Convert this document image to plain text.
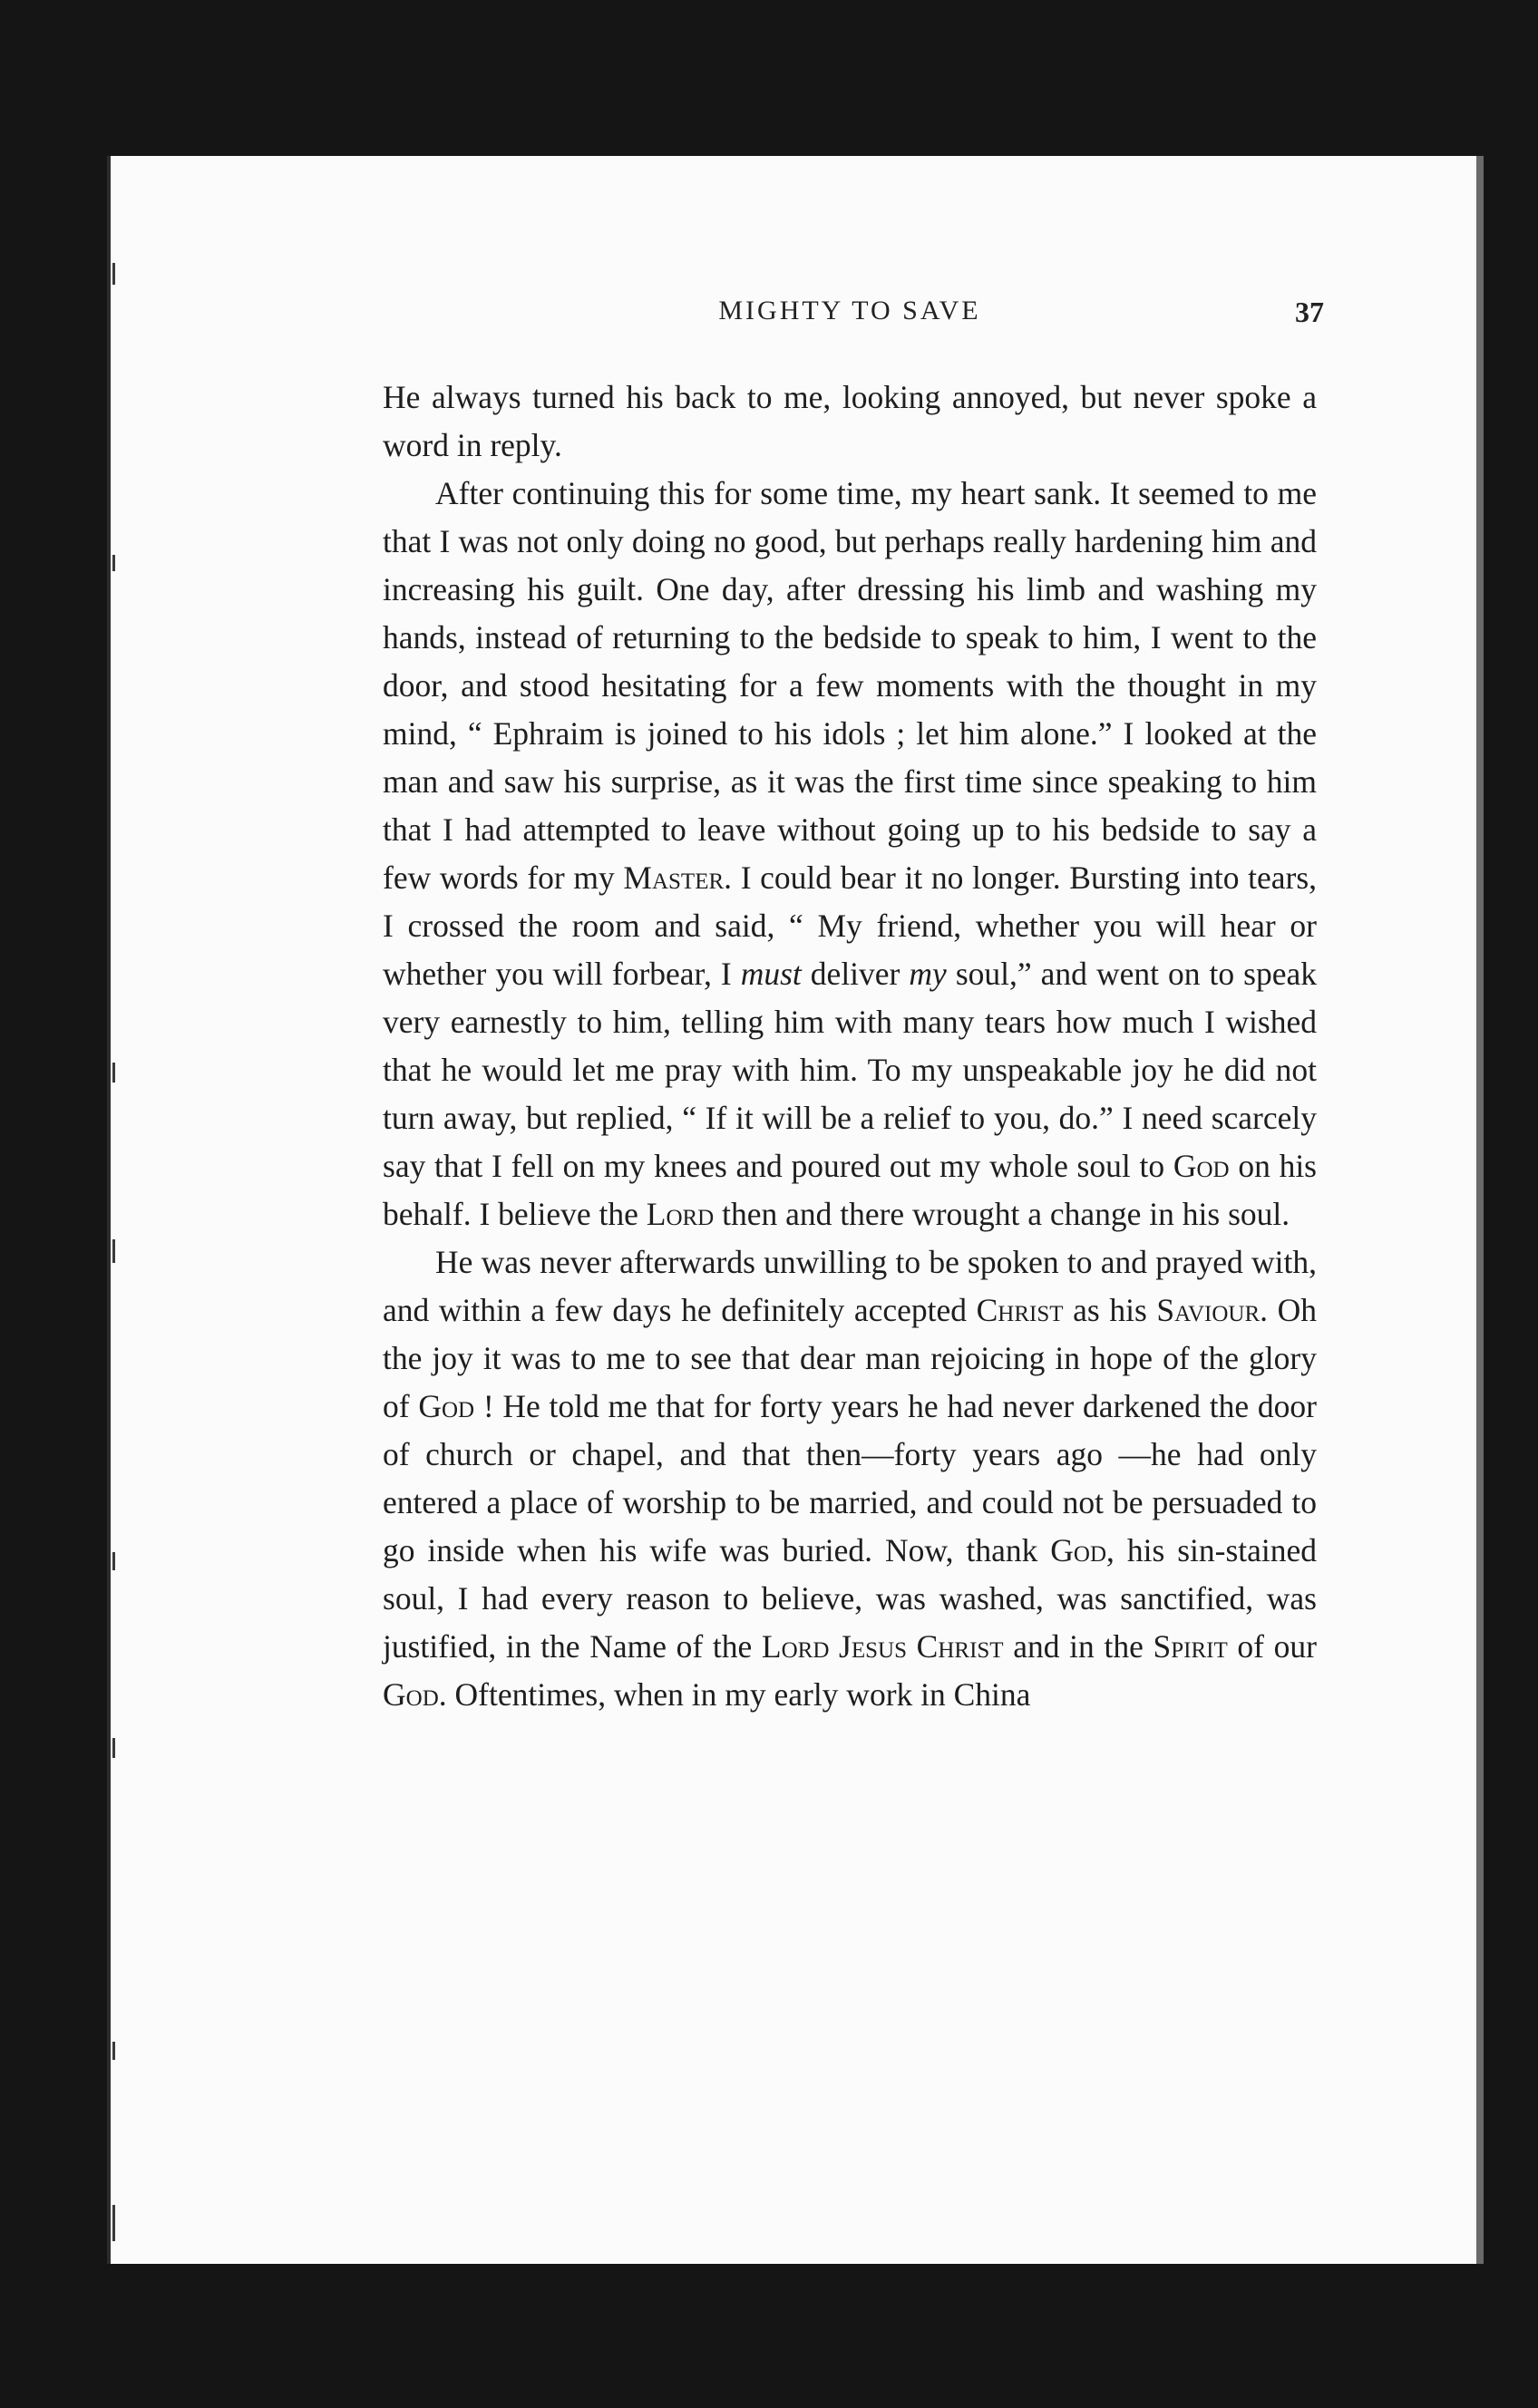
MIGHTY TO SAVE	37

He always turned his back to me, looking annoyed, but never spoke a word in reply.

After continuing this for some time, my heart sank. It seemed to me that I was not only doing no good, but perhaps really hardening him and increasing his guilt. One day, after dressing his limb and washing my hands, instead of returning to the bedside to speak to him, I went to the door, and stood hesitating for a few moments with the thought in my mind, “ Ephraim is joined to his idols ; let him alone.” I looked at the man and saw his surprise, as it was the first time since speaking to him that I had attempted to leave without going up to his bedside to say a few words for my Master. I could bear it no longer. Bursting into tears, I crossed the room and said, “ My friend, whether you will hear or whether you will forbear, I must deliver my soul,” and went on to speak very earnestly to him, telling him with many tears how much I wished that he would let me pray with him. To my unspeakable joy he did not turn away, but replied, “ If it will be a relief to you, do.” I need scarcely say that I fell on my knees and poured out my whole soul to God on his behalf. I believe the Lord then and there wrought a change in his soul.

He was never afterwards unwilling to be spoken to and prayed with, and within a few days he definitely accepted Christ as his Saviour. Oh the joy it was to me to see that dear man rejoicing in hope of the glory of God ! He told me that for forty years he had never darkened the door of church or chapel, and that then—forty years ago —he had only entered a place of worship to be married, and could not be persuaded to go inside when his wife was buried. Now, thank God, his sin-stained soul, I had every reason to believe, was washed, was sanctified, was justified, in the Name of the Lord Jesus Christ and in the Spirit of our God. Oftentimes, when in my early work in China
